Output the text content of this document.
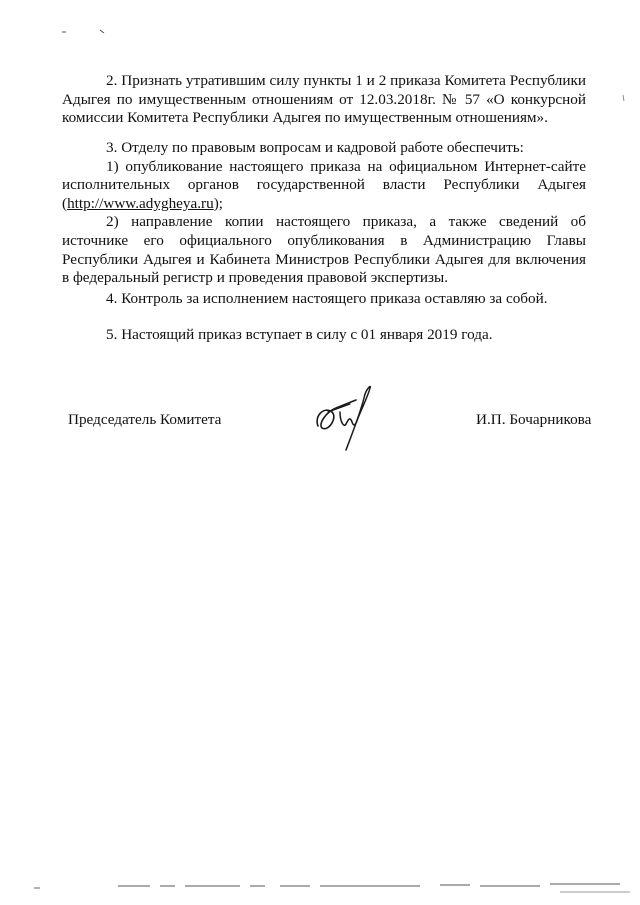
2. Признать утратившим силу пункты 1 и 2 приказа Комитета Республики Адыгея по имущественным отношениям от 12.03.2018г. № 57 «О конкурсной комиссии Комитета Республики Адыгея по имущественным отношениям».

3. Отделу по правовым вопросам и кадровой работе обеспечить:
1) опубликование настоящего приказа на официальном Интернет-сайте исполнительных органов государственной власти Республики Адыгея (http://www.adygheya.ru);
2) направление копии настоящего приказа, а также сведений об источнике его официального опубликования в Администрацию Главы Республики Адыгея и Кабинета Министров Республики Адыгея для включения в федеральный регистр и проведения правовой экспертизы.

4. Контроль за исполнением настоящего приказа оставляю за собой.

5. Настоящий приказ вступает в силу с 01 января 2019 года.

Председатель Комитета	И.П. Бочарникова
